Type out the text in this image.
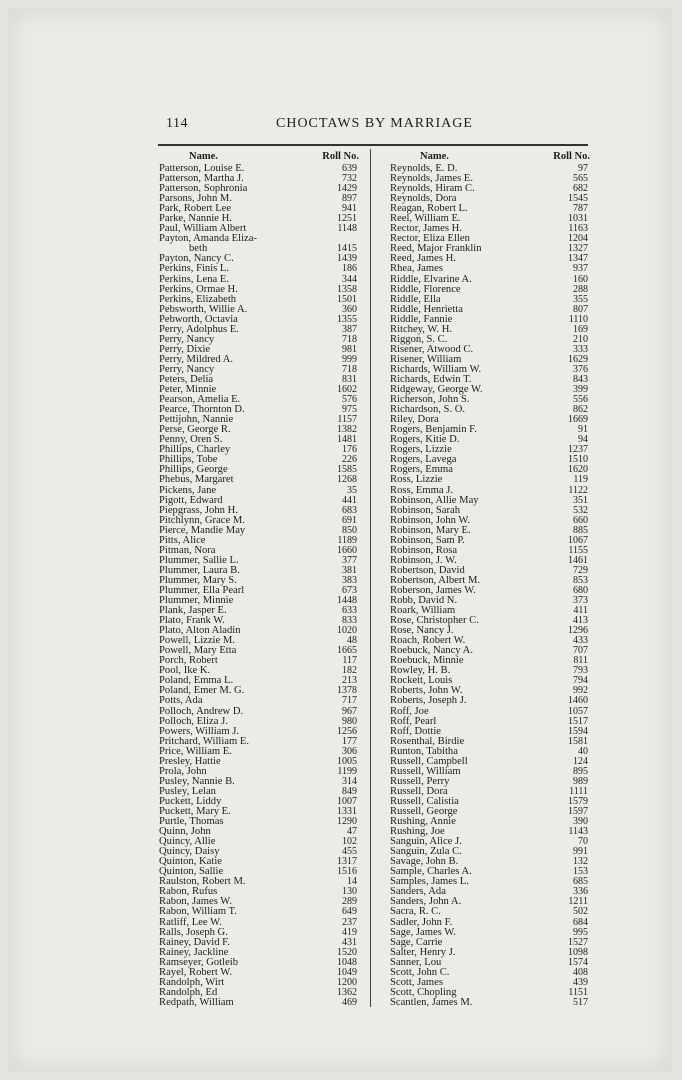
114	CHOCTAWS BY MARRIAGE
Name.	Roll No.
Patterson, Louise E.	639
Patterson, Martha J.	732
Patterson, Sophronia	1429
Parsons, John M.	897
Park, Robert Lee	941
Parke, Nannie H.	1251
Paul, William Albert	1148
Payton, Amanda Eliza-
beth	1415
Payton, Nancy C.	1439
Perkins, Finis L.	186
Perkins, Lena E.	344
Perkins, Ormae H.	1358
Perkins, Elizabeth	1501
Pebsworth, Willie A.	360
Pebworth, Octavia	1355
Perry, Adolphus E.	387
Perry, Nancy	718
Perry, Dixie	981
Perry, Mildred A.	999
Perry, Nancy	718
Peters, Delia	831
Peter, Minnie	1602
Pearson, Amelia E.	576
Pearce, Thornton D.	975
Pettijohn, Nannie	1157
Perse, George R.	1382
Penny, Oren S.	1481
Phillips, Charley	176
Phillips, Tobe	226
Phillips, George	1585
Phebus, Margaret	1268
Pickens, Jane	35
Pigott, Edward	441
Piepgrass, John H.	683
Pitchlynn, Grace M.	691
Pierce, Mandie May	850
Pitts, Alice	1189
Pitman, Nora	1660
Plummer, Sallie L.	377
Plummer, Laura B.	381
Plummer, Mary S.	383
Plummer, Ella Pearl	673
Plummer, Minnie	1448
Plank, Jasper E.	633
Plato, Frank W.	833
Plato, Alton Aladin	1020
Powell, Lizzie M.	48
Powell, Mary Etta	1665
Porch, Robert	117
Pool, Ike K.	182
Poland, Emma L.	213
Poland, Emer M. G.	1378
Potts, Ada	717
Polloch, Andrew D.	967
Polloch, Eliza J.	980
Powers, William J.	1256
Pritchard, William E.	177
Price, William E.	306
Presley, Hattie	1005
Prola, John	1199
Pusley, Nannie B.	314
Pusley, Lelan	849
Puckett, Liddy	1007
Puckett, Mary E.	1331
Purtle, Thomas	1290
Quinn, John	47
Quincy, Allie	102
Quincy, Daisy	455
Quinton, Katie	1317
Quinton, Sallie	1516
Raulston, Robert M.	14
Rabon, Rufus	130
Rabon, James W.	289
Rabon, William T.	649
Ratliff, Lee W.	237
Ralls, Joseph G.	419
Rainey, David F.	431
Rainey, Jackline	1520
Ramseyer, Gotleib	1048
Rayel, Robert W.	1049
Randolph, Wirt	1200
Randolph, Ed	1362
Redpath, William	469
Name.	Roll No.
Reynolds, E. D.	97
Reynolds, James E.	565
Reynolds, Hiram C.	682
Reynolds, Dora	1545
Reagan, Robert L.	787
Reel, William E.	1031
Rector, James H.	1163
Rector, Eliza Ellen	1204
Reed, Major Franklin	1327
Reed, James H.	1347
Rhea, James	937
Riddle, Elvarine A.	160
Riddle, Florence	288
Riddle, Ella	355
Riddle, Henrietta	807
Riddle, Fannie	1110
Ritchey, W. H.	169
Riggon, S. C.	210
Risener, Atwood C.	333
Risener, William	1629
Richards, William W.	376
Richards, Edwin T.	843
Ridgeway, George W.	399
Richerson, John S.	556
Richardson, S. O.	862
Riley, Dora	1669
Rogers, Benjamin F.	91
Rogers, Kitie D.	94
Rogers, Lizzie	1237
Rogers, Lavega	1510
Rogers, Emma	1620
Ross, Lizzie	119
Ross, Emma J.	1122
Robinson, Allie May	351
Robinson, Sarah	532
Robinson, John W.	660
Robinson, Mary E.	885
Robinson, Sam P.	1067
Robinson, Rosa	1155
Robinson, J. W.	1461
Robertson, David	729
Robertson, Albert M.	853
Roberson, James W.	680
Robb, David N.	373
Roark, William	411
Rose, Christopher C.	413
Rose, Nancy J.	1296
Roach, Robert W.	433
Roebuck, Nancy A.	707
Roebuck, Minnie	811
Rowley, H. B.	793
Rockett, Louis	794
Roberts, John W.	992
Roberts, Joseph J.	1460
Roff, Joe	1057
Roff, Pearl	1517
Roff, Dottie	1594
Rosenthal, Birdie	1581
Runton, Tabitha	40
Russell, Campbell	124
Russell, William	895
Russell, Perry	989
Russell, Dora	1111
Russell, Calistia	1579
Russell, George	1597
Rushing, Annie	390
Rushing, Joe	1143
Sanguin, Alice J.	70
Sanguin, Zula C.	991
Savage, John B.	132
Sample, Charles A.	153
Samples, James L.	685
Sanders, Ada	336
Sanders, John A.	1211
Sacra, R. C.	502
Sadler, John F.	684
Sage, James W.	995
Sage, Carrie	1527
Salter, Henry J.	1098
Sanner, Lou	1574
Scott, John C.	408
Scott, James	439
Scott, Chopling	1151
Scantlen, James M.	517
